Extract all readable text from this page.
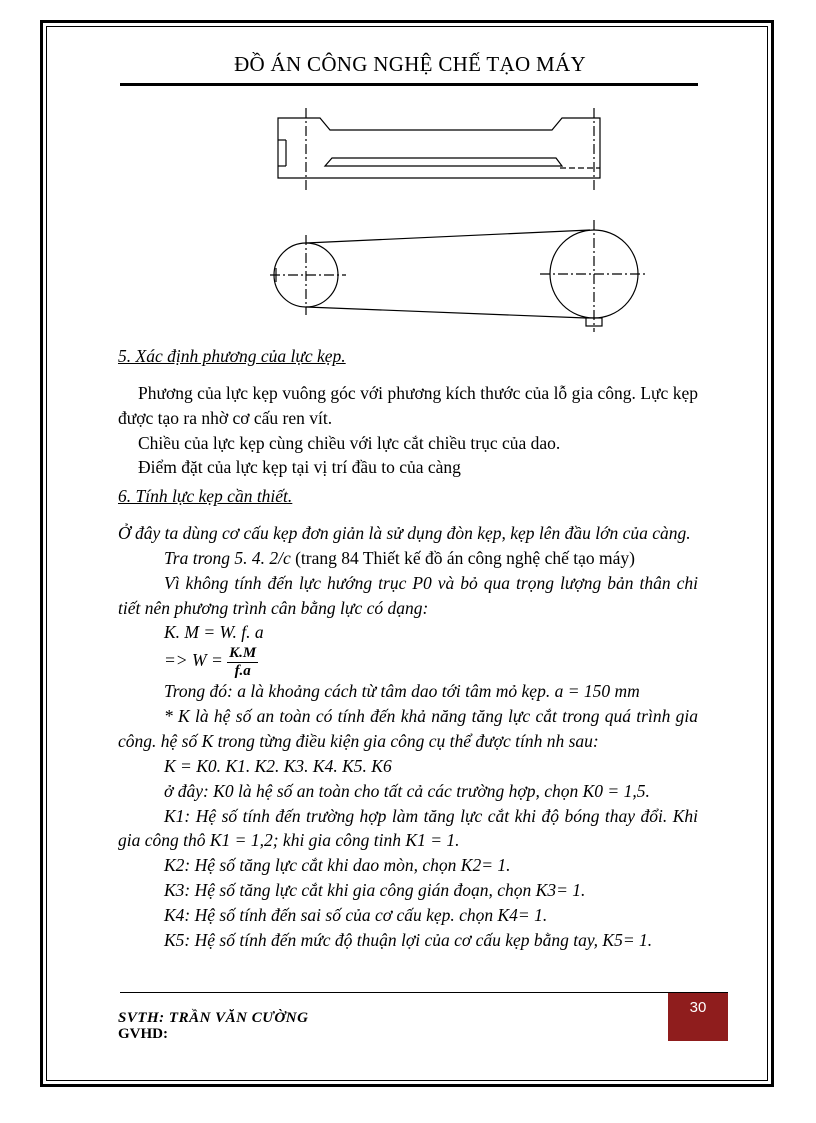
ĐỒ ÁN CÔNG NGHỆ CHẾ TẠO MÁY

5. Xác định phương của lực kẹp.

Phương của lực kẹp vuông góc với phương kích thước của lỗ gia công. Lực kẹp được tạo ra nhờ cơ cấu ren vít.

Chiều của lực kẹp cùng chiều với lực cắt chiều trục của dao.

Điểm đặt của lực kẹp tại vị trí đầu to của càng

6. Tính lực kẹp cần thiết.

Ở đây ta dùng cơ cấu kẹp đơn giản là sử dụng đòn kẹp, kẹp lên đầu lớn của càng.

Tra trong 5. 4. 2/c (trang 84 Thiết kế đồ án công nghệ chế tạo máy)

Vì không tính đến lực hướng trục P0 và bỏ qua trọng lượng bản thân chi tiết nên phương trình cân bằng lực có dạng:

K. M = W. f. a

=> $W = \frac{K.M}{f.a}$

Trong đó: a là khoảng cách từ tâm dao tới tâm mỏ kẹp. a = 150 mm

* K là hệ số an toàn có tính đến khả năng tăng lực cắt trong quá trình gia công. hệ số K trong từng điều kiện gia công cụ thể được tính nh sau:

K = K0. K1. K2. K3. K4. K5. K6

ở đây: K0 là hệ số an toàn cho tất cả các trường hợp, chọn K0 = 1,5.

K1: Hệ số tính đến trường hợp làm tăng lực cắt khi độ bóng thay đổi. Khi gia công thô K1 = 1,2; khi gia công tinh K1 = 1.

K2: Hệ số tăng lực cắt khi dao mòn, chọn K2= 1.

K3: Hệ số tăng lực cắt khi gia công gián đoạn, chọn K3= 1.

K4: Hệ số tính đến sai số của cơ cấu kẹp. chọn K4= 1.

K5: Hệ số tính đến mức độ thuận lợi của cơ cấu kẹp bằng tay, K5= 1.

30
SVTH: TRẦN VĂN CƯỜNG
GVHD:
